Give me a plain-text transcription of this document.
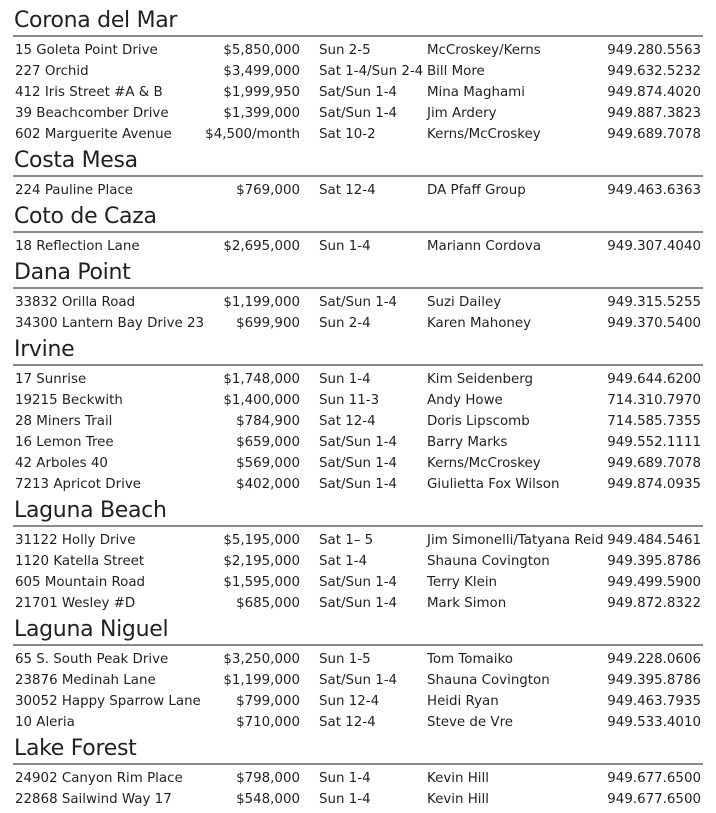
Corona del Mar
15 Goleta Point Drive	$5,850,000 Sun 2-5	McCroskey/Kerns	949.280.5563
227 Orchid	$3,499,000 Sat 1-4/Sun 2-4 Bill More	949.632.5232
412 Iris Street #A & B	$1,999,950 Sat/Sun 1-4 Mina Maghami	949.874.4020
39 Beachcomber Drive	$1,399,000 Sat/Sun 1-4 Jim Ardery	949.887.3823
602 Marguerite Avenue $4,500/month Sat 10-2	Kerns/McCroskey	949.689.7078
Costa Mesa
224 Pauline Place	$769,000 Sat 12-4	DA Pfaff Group	949.463.6363
Coto de Caza
18 Reflection Lane	$2,695,000 Sun 1-4	Mariann Cordova	949.307.4040
Dana Point
33832 Orilla Road	$1,199,000 Sat/Sun 1-4 Suzi Dailey	949.315.5255
34300 Lantern Bay Drive 23 $699,900 Sun 2-4	Karen Mahoney	949.370.5400
Irvine
17 Sunrise	$1,748,000 Sun 1-4	Kim Seidenberg	949.644.6200
19215 Beckwith	$1,400,000 Sun 11-3	Andy Howe	714.310.7970
28 Miners Trail	$784,900 Sat 12-4	Doris Lipscomb	714.585.7355
16 Lemon Tree	$659,000 Sat/Sun 1-4 Barry Marks	949.552.1111
42 Arboles 40	$569,000 Sat/Sun 1-4 Kerns/McCroskey	949.689.7078
7213 Apricot Drive	$402,000 Sat/Sun 1-4 Giulietta Fox Wilson	949.874.0935
Laguna Beach
31122 Holly Drive	$5,195,000 Sat 1– 5	Jim Simonelli/Tatyana Reid 949.484.5461
1120 Katella Street	$2,195,000 Sat 1-4	Shauna Covington	949.395.8786
605 Mountain Road	$1,595,000 Sat/Sun 1-4 Terry Klein	949.499.5900
21701 Wesley #D	$685,000 Sat/Sun 1-4 Mark Simon	949.872.8322
Laguna Niguel
65 S. South Peak Drive	$3,250,000 Sun 1-5	Tom Tomaiko	949.228.0606
23876 Medinah Lane	$1,199,000 Sat/Sun 1-4 Shauna Covington	949.395.8786
30052 Happy Sparrow Lane	$799,000 Sun 12-4	Heidi Ryan	949.463.7935
10 Aleria	$710,000 Sat 12-4	Steve de Vre	949.533.4010
Lake Forest
24902 Canyon Rim Place	$798,000 Sun 1-4	Kevin Hill	949.677.6500
22868 Sailwind Way 17	$548,000 Sun 1-4	Kevin Hill	949.677.6500
